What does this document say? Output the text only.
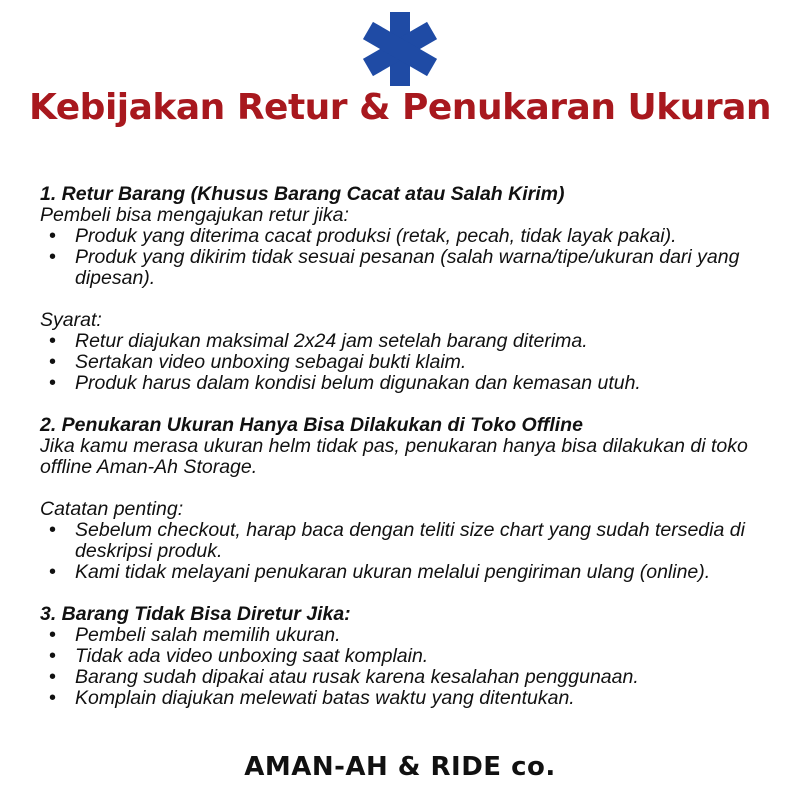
Kebijakan Retur & Penukaran Ukuran

1. Retur Barang (Khusus Barang Cacat atau Salah Kirim)

Pembeli bisa mengajukan retur jika:

• Produk yang diterima cacat produksi (retak, pecah, tidak layak pakai).
• Produk yang dikirim tidak sesuai pesanan (salah warna/tipe/ukuran dari yang dipesan).

Syarat:

• Retur diajukan maksimal 2x24 jam setelah barang diterima.
• Sertakan video unboxing sebagai bukti klaim.
• Produk harus dalam kondisi belum digunakan dan kemasan utuh.

2. Penukaran Ukuran Hanya Bisa Dilakukan di Toko Offline

Jika kamu merasa ukuran helm tidak pas, penukaran hanya bisa dilakukan di toko offline Aman-Ah Storage.

Catatan penting:

• Sebelum checkout, harap baca dengan teliti size chart yang sudah tersedia di deskripsi produk.
• Kami tidak melayani penukaran ukuran melalui pengiriman ulang (online).

3. Barang Tidak Bisa Diretur Jika:

• Pembeli salah memilih ukuran.
• Tidak ada video unboxing saat komplain.
• Barang sudah dipakai atau rusak karena kesalahan penggunaan.
• Komplain diajukan melewati batas waktu yang ditentukan.
AMAN-AH & RIDE co.
